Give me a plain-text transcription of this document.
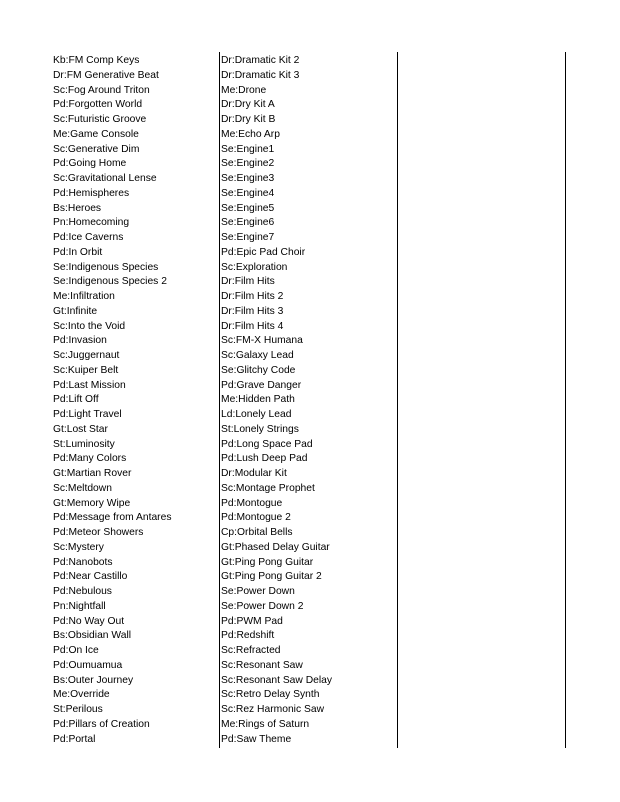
Kb:FM Comp Keys
Dr:FM Generative Beat
Sc:Fog Around Triton
Pd:Forgotten World
Sc:Futuristic Groove
Me:Game Console
Sc:Generative Dim
Pd:Going Home
Sc:Gravitational Lense
Pd:Hemispheres
Bs:Heroes
Pn:Homecoming
Pd:Ice Caverns
Pd:In Orbit
Se:Indigenous Species
Se:Indigenous Species 2
Me:Infiltration
Gt:Infinite
Sc:Into the Void
Pd:Invasion
Sc:Juggernaut
Sc:Kuiper Belt
Pd:Last Mission
Pd:Lift Off
Pd:Light Travel
Gt:Lost Star
St:Luminosity
Pd:Many Colors
Gt:Martian Rover
Sc:Meltdown
Gt:Memory Wipe
Pd:Message from Antares
Pd:Meteor Showers
Sc:Mystery
Pd:Nanobots
Pd:Near Castillo
Pd:Nebulous
Pn:Nightfall
Pd:No Way Out
Bs:Obsidian Wall
Pd:On Ice
Pd:Oumuamua
Bs:Outer Journey
Me:Override
St:Perilous
Pd:Pillars of Creation
Pd:Portal
Dr:Dramatic Kit 2
Dr:Dramatic Kit 3
Me:Drone
Dr:Dry Kit A
Dr:Dry Kit B
Me:Echo Arp
Se:Engine1
Se:Engine2
Se:Engine3
Se:Engine4
Se:Engine5
Se:Engine6
Se:Engine7
Pd:Epic Pad Choir
Sc:Exploration
Dr:Film Hits
Dr:Film Hits 2
Dr:Film Hits 3
Dr:Film Hits 4
Sc:FM-X Humana
Sc:Galaxy Lead
Se:Glitchy Code
Pd:Grave Danger
Me:Hidden Path
Ld:Lonely Lead
St:Lonely Strings
Pd:Long Space Pad
Pd:Lush Deep Pad
Dr:Modular Kit
Sc:Montage Prophet
Pd:Montogue
Pd:Montogue 2
Cp:Orbital Bells
Gt:Phased Delay Guitar
Gt:Ping Pong Guitar
Gt:Ping Pong Guitar 2
Se:Power Down
Se:Power Down 2
Pd:PWM Pad
Pd:Redshift
Sc:Refracted
Sc:Resonant Saw
Sc:Resonant Saw Delay
Sc:Retro Delay Synth
Sc:Rez Harmonic Saw
Me:Rings of Saturn
Pd:Saw Theme
